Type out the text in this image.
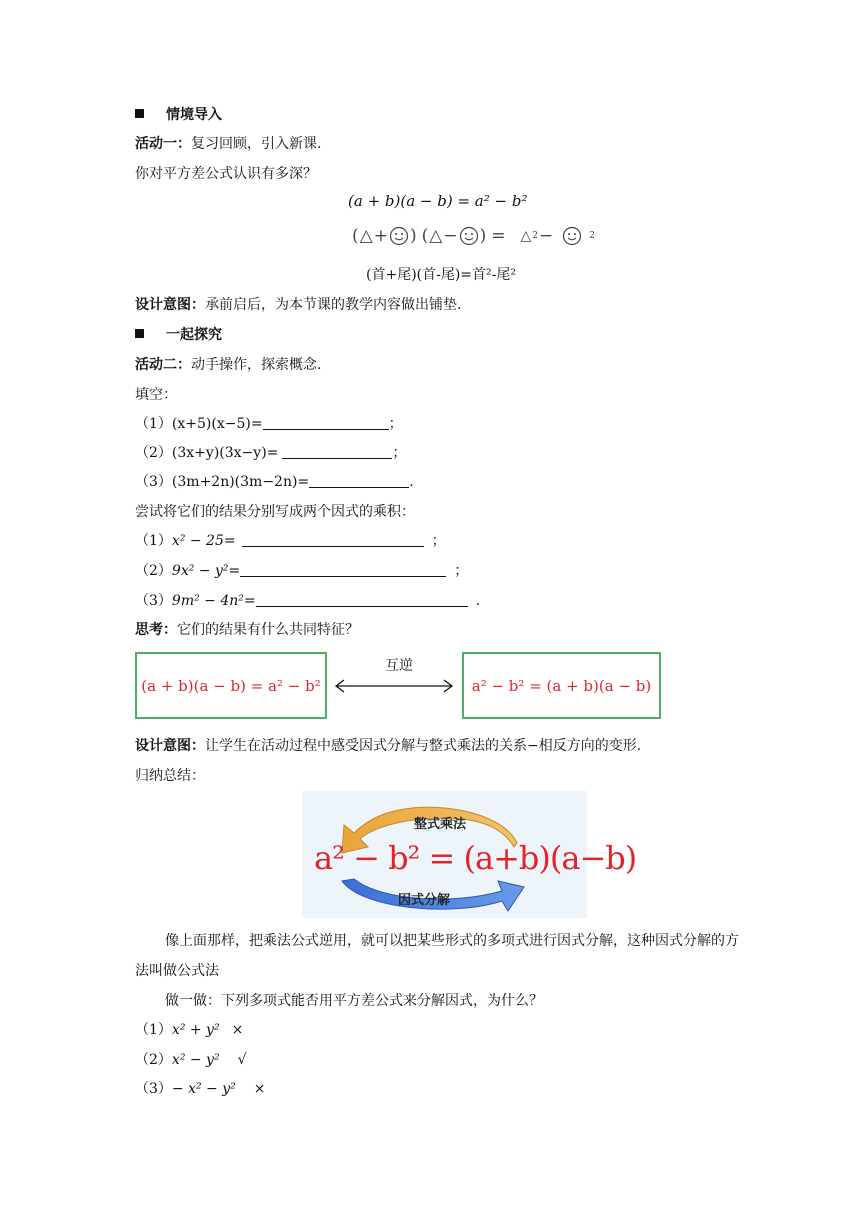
情境导入
活动一：复习回顾，引入新课.
你对平方差公式认识有多深？
(a + b)(a − b) = a² − b²
( △ + ) ( △ − ) = △ 2 −	2
(首+尾)(首-尾)=首²-尾²
设计意图：承前启后，为本节课的教学内容做出铺垫.
一起探究
活动二：动手操作，探索概念.
填空：
（1）(x+5)(x−5)=	；
（2）(3x+y)(3x−y)=	；
（3）(3m+2n)(3m−2n)=	.
尝试将它们的结果分别写成两个因式的乘积：
（1）x² − 25=	；
（2）9x² − y²=	；
（3）9m² − 4n²=	.
思考：它们的结果有什么共同特征？
(a + b)(a − b) = a² − b²
互逆
a² − b² = (a + b)(a − b)
设计意图：让学生在活动过程中感受因式分解与整式乘法的关系−相反方向的变形.
归纳总结：
整式乘法
a² − b² = (a+b)(a−b)
因式分解
像上面那样，把乘法公式逆用，就可以把某些形式的多项式进行因式分解，这种因式分解的方
法叫做公式法
做一做：下列多项式能否用平方差公式来分解因式，为什么？
（1）x² + y² ×
（2）x² − y² √
（3）− x² − y² ×
